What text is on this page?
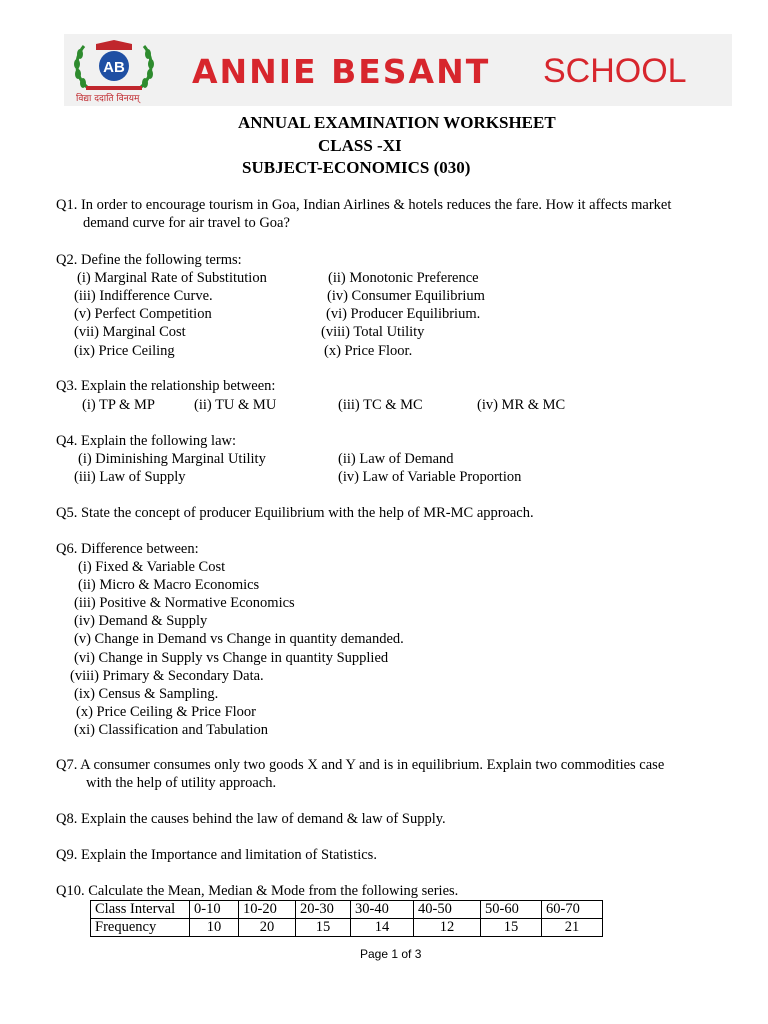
AB
विद्या ददाति विनयम्
ANNIE BESANT SCHOOL
ANNUAL EXAMINATION WORKSHEET
CLASS -XI
SUBJECT-ECONOMICS (030)
Q1. In order to encourage tourism in Goa, Indian Airlines & hotels reduces the fare. How it affects market
demand curve for air travel to Goa?
Q2. Define the following terms:
(i) Marginal Rate of Substitution	(ii) Monotonic Preference
(iii) Indifference Curve.	(iv) Consumer Equilibrium
(v) Perfect Competition	(vi) Producer Equilibrium.
(vii) Marginal Cost	(viii) Total Utility
(ix) Price Ceiling	(x) Price Floor.
Q3. Explain the relationship between:
(i) TP & MP	(ii) TU & MU	(iii) TC & MC	(iv) MR & MC
Q4. Explain the following law:
(i) Diminishing Marginal Utility	(ii) Law of Demand
(iii) Law of Supply	(iv) Law of Variable Proportion
Q5. State the concept of producer Equilibrium with the help of MR-MC approach.
Q6. Difference between:
(i) Fixed & Variable Cost
(ii) Micro & Macro Economics
(iii) Positive & Normative Economics
(iv) Demand & Supply
(v) Change in Demand vs Change in quantity demanded.
(vi) Change in Supply vs Change in quantity Supplied
(viii) Primary & Secondary Data.
(ix) Census & Sampling.
(x) Price Ceiling & Price Floor
(xi) Classification and Tabulation
Q7. A consumer consumes only two goods X and Y and is in equilibrium. Explain two commodities case
with the help of utility approach.
Q8. Explain the causes behind the law of demand & law of Supply.
Q9. Explain the Importance and limitation of Statistics.
Q10. Calculate the Mean, Median & Mode from the following series.
Class Interval	0-10	10-20	20-30	30-40	40-50	50-60	60-70
Frequency	10	20	15	14	12	15	21
Page 1 of 3
